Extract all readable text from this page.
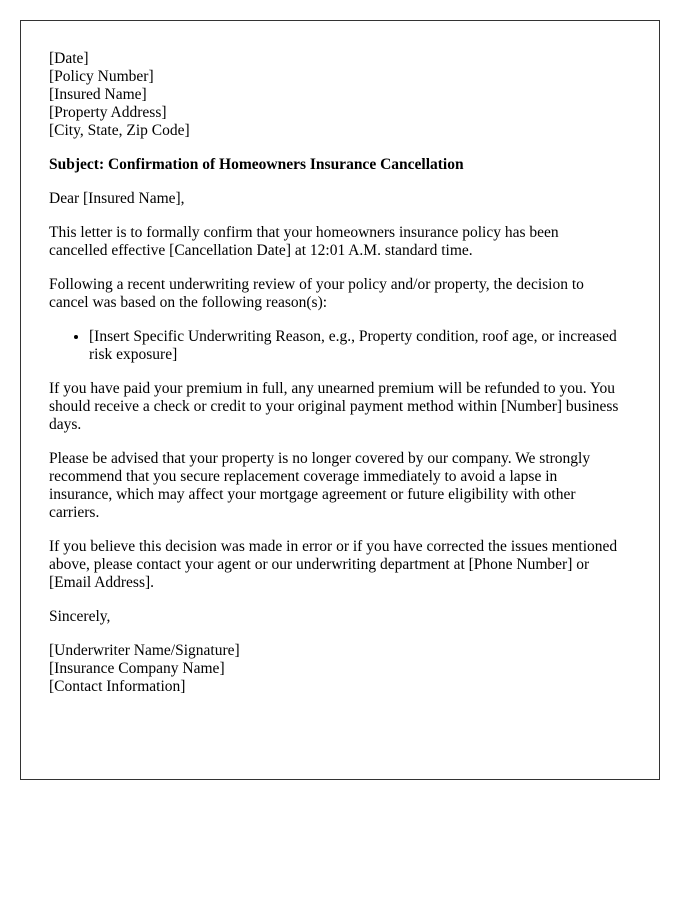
[Date]
[Policy Number]
[Insured Name]
[Property Address]
[City, State, Zip Code]

Subject: Confirmation of Homeowners Insurance Cancellation

Dear [Insured Name],

This letter is to formally confirm that your homeowners insurance policy has been cancelled effective [Cancellation Date] at 12:01 A.M. standard time.

Following a recent underwriting review of your policy and/or property, the decision to cancel was based on the following reason(s):

• [Insert Specific Underwriting Reason, e.g., Property condition, roof age, or increased risk exposure]

If you have paid your premium in full, any unearned premium will be refunded to you. You should receive a check or credit to your original payment method within [Number] business days.

Please be advised that your property is no longer covered by our company. We strongly recommend that you secure replacement coverage immediately to avoid a lapse in insurance, which may affect your mortgage agreement or future eligibility with other carriers.

If you believe this decision was made in error or if you have corrected the issues mentioned above, please contact your agent or our underwriting department at [Phone Number] or [Email Address].

Sincerely,

[Underwriter Name/Signature]
[Insurance Company Name]
[Contact Information]
